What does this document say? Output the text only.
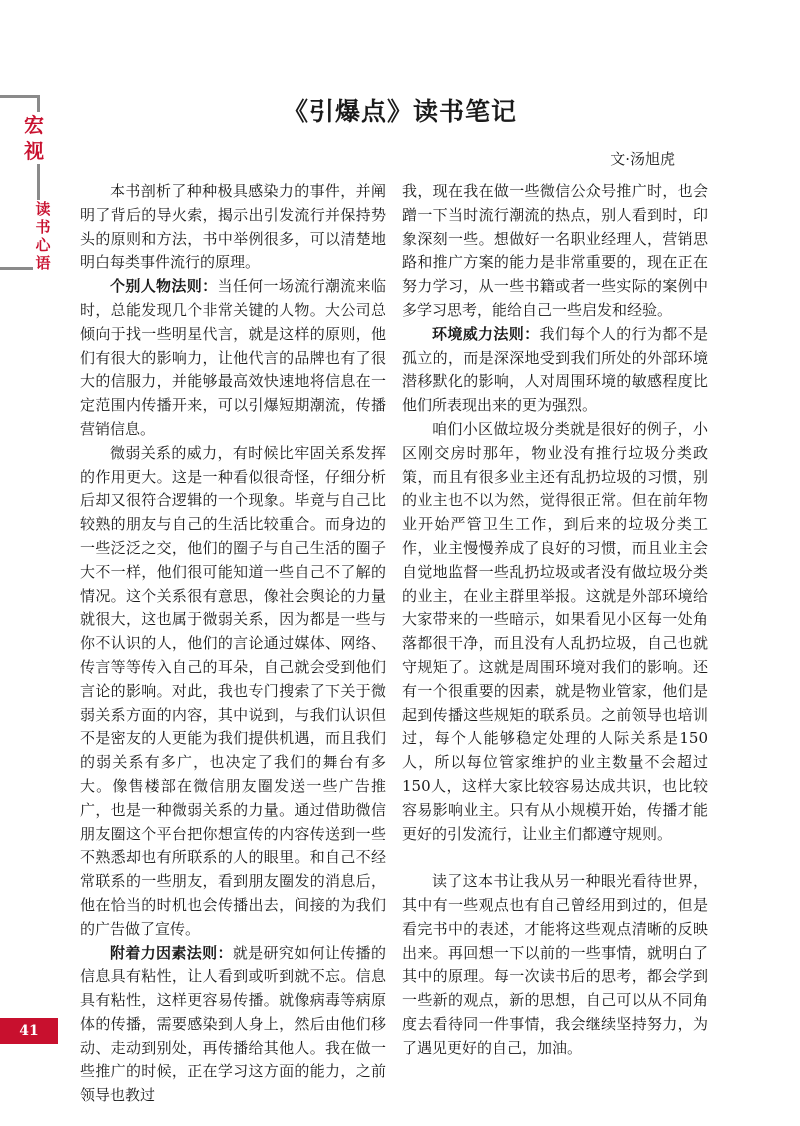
宏
视
读
书
心
语
41
《引爆点》读书笔记
文·汤旭虎

本书剖析了种种极具感染力的事件，并阐明了背后的导火索，揭示出引发流行并保持势头的原则和方法，书中举例很多，可以清楚地明白每类事件流行的原理。

个别人物法则：当任何一场流行潮流来临时，总能发现几个非常关键的人物。大公司总倾向于找一些明星代言，就是这样的原则，他们有很大的影响力，让他代言的品牌也有了很大的信服力，并能够最高效快速地将信息在一定范围内传播开来，可以引爆短期潮流，传播营销信息。

微弱关系的威力，有时候比牢固关系发挥的作用更大。这是一种看似很奇怪，仔细分析后却又很符合逻辑的一个现象。毕竟与自己比较熟的朋友与自己的生活比较重合。而身边的一些泛泛之交，他们的圈子与自己生活的圈子大不一样，他们很可能知道一些自己不了解的情况。这个关系很有意思，像社会舆论的力量就很大，这也属于微弱关系，因为都是一些与你不认识的人，他们的言论通过媒体、网络、传言等等传入自己的耳朵，自己就会受到他们言论的影响。对此，我也专门搜索了下关于微弱关系方面的内容，其中说到，与我们认识但不是密友的人更能为我们提供机遇，而且我们的弱关系有多广，也决定了我们的舞台有多大。像售楼部在微信朋友圈发送一些广告推广，也是一种微弱关系的力量。通过借助微信朋友圈这个平台把你想宣传的内容传送到一些不熟悉却也有所联系的人的眼里。和自己不经常联系的一些朋友，看到朋友圈发的消息后，他在恰当的时机也会传播出去，间接的为我们的广告做了宣传。

附着力因素法则：就是研究如何让传播的信息具有粘性，让人看到或听到就不忘。信息具有粘性，这样更容易传播。就像病毒等病原体的传播，需要感染到人身上，然后由他们移动、走动到别处，再传播给其他人。我在做一些推广的时候，正在学习这方面的能力，之前领导也教过

我，现在我在做一些微信公众号推广时，也会蹭一下当时流行潮流的热点，别人看到时，印象深刻一些。想做好一名职业经理人，营销思路和推广方案的能力是非常重要的，现在正在努力学习，从一些书籍或者一些实际的案例中多学习思考，能给自己一些启发和经验。

环境威力法则：我们每个人的行为都不是孤立的，而是深深地受到我们所处的外部环境潜移默化的影响，人对周围环境的敏感程度比他们所表现出来的更为强烈。

咱们小区做垃圾分类就是很好的例子，小区刚交房时那年，物业没有推行垃圾分类政策，而且有很多业主还有乱扔垃圾的习惯，别的业主也不以为然，觉得很正常。但在前年物业开始严管卫生工作，到后来的垃圾分类工作，业主慢慢养成了良好的习惯，而且业主会自觉地监督一些乱扔垃圾或者没有做垃圾分类的业主，在业主群里举报。这就是外部环境给大家带来的一些暗示，如果看见小区每一处角落都很干净，而且没有人乱扔垃圾，自己也就守规矩了。这就是周围环境对我们的影响。还有一个很重要的因素，就是物业管家，他们是起到传播这些规矩的联系员。之前领导也培训过，每个人能够稳定处理的人际关系是150人，所以每位管家维护的业主数量不会超过150人，这样大家比较容易达成共识，也比较容易影响业主。只有从小规模开始，传播才能更好的引发流行，让业主们都遵守规则。

读了这本书让我从另一种眼光看待世界，其中有一些观点也有自己曾经用到过的，但是看完书中的表述，才能将这些观点清晰的反映出来。再回想一下以前的一些事情，就明白了其中的原理。每一次读书后的思考，都会学到一些新的观点，新的思想，自己可以从不同角度去看待同一件事情，我会继续坚持努力，为了遇见更好的自己，加油。
